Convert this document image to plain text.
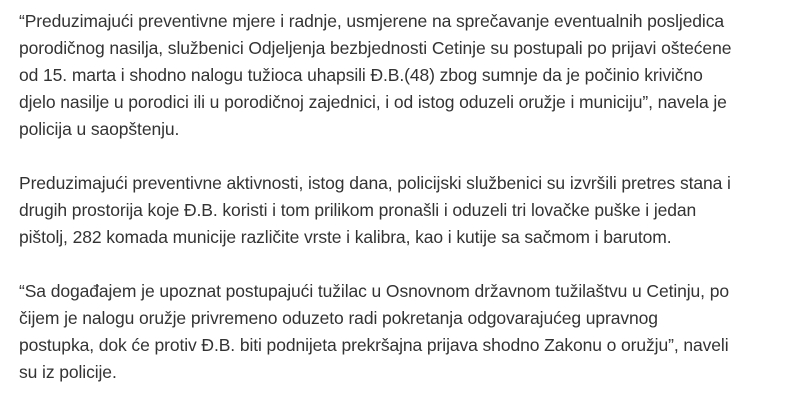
“Preduzimajući preventivne mjere i radnje, usmjerene na sprečavanje eventualnih posljedica
porodičnog nasilja, službenici Odjeljenja bezbjednosti Cetinje su postupali po prijavi oštećene
od 15. marta i shodno nalogu tužioca uhapsili Đ.B.(48) zbog sumnje da je počinio krivično
djelo nasilje u porodici ili u porodičnoj zajednici, i od istog oduzeli oružje i municiju”, navela je
policija u saopštenju.

Preduzimajući preventivne aktivnosti, istog dana, policijski službenici su izvršili pretres stana i
drugih prostorija koje Đ.B. koristi i tom prilikom pronašli i oduzeli tri lovačke puške i jedan
pištolj, 282 komada municije različite vrste i kalibra, kao i kutije sa sačmom i barutom.

“Sa događajem je upoznat postupajući tužilac u Osnovnom državnom tužilaštvu u Cetinju, po
čijem je nalogu oružje privremeno oduzeto radi pokretanja odgovarajućeg upravnog
postupka, dok će protiv Đ.B. biti podnijeta prekršajna prijava shodno Zakonu o oružju”, naveli
su iz policije.
